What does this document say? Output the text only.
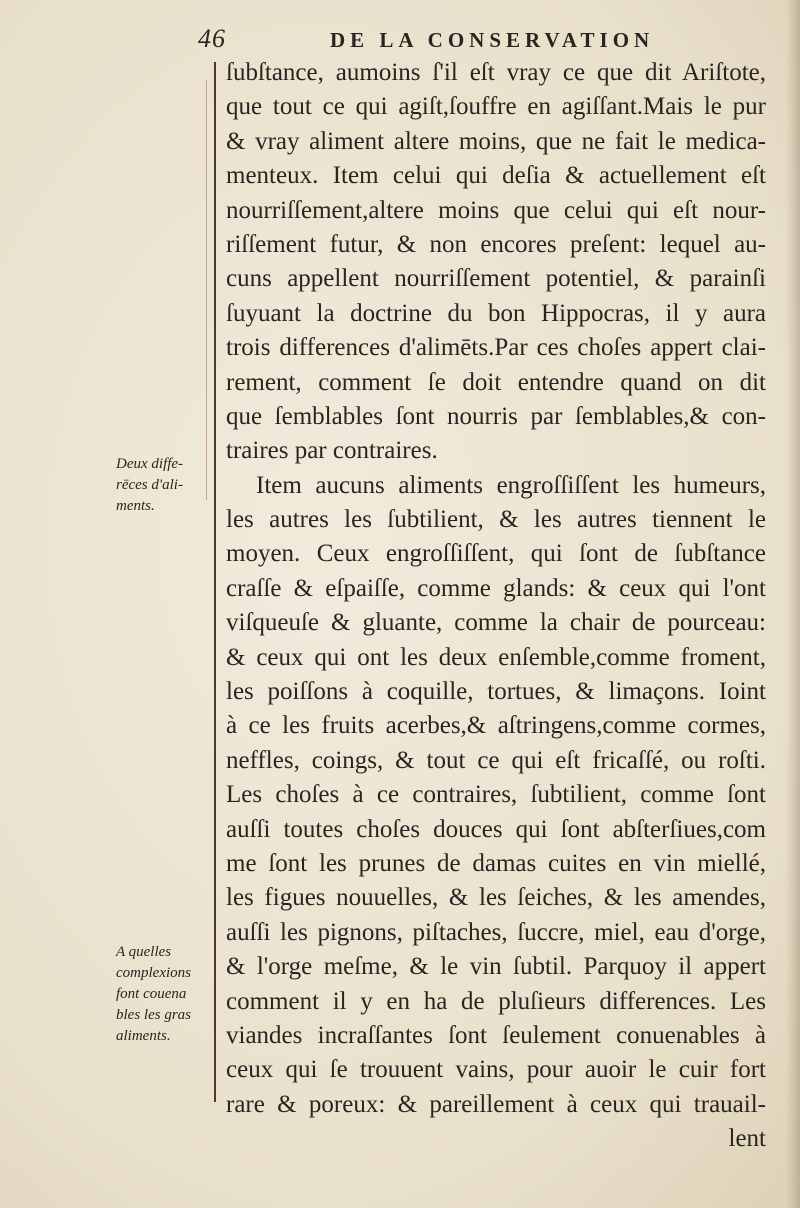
46	DE LA CONSERVATION
Deux diffe-
rēces d'ali-
ments.
A quelles
complexions
font couena
bles les gras
aliments.
ſubſtance, aumoins ſ'il eſt vray ce que dit Ariſtote,
que tout ce qui agiſt,ſouffre en agiſſant.Mais le pur
& vray aliment altere moins, que ne fait le medica-
menteux. Item celui qui deſia & actuellement eſt
nourriſſement,altere moins que celui qui eſt nour-
riſſement futur, & non encores preſent: lequel au-
cuns appellent nourriſſement potentiel, & parainſi
ſuyuant la doctrine du bon Hippocras, il y aura
trois differences d'alimēts.Par ces choſes appert clai-
rement, comment ſe doit entendre quand on dit
que ſemblables ſont nourris par ſemblables,& con-
traires par contraires.
Item aucuns aliments engroſſiſſent les humeurs,
les autres les ſubtilient, & les autres tiennent le
moyen. Ceux engroſſiſſent, qui ſont de ſubſtance
craſſe & eſpaiſſe, comme glands: & ceux qui l'ont
viſqueuſe & gluante, comme la chair de pourceau:
& ceux qui ont les deux enſemble,comme froment,
les poiſſons à coquille, tortues, & limaçons. Ioint
à ce les fruits acerbes,& aſtringens,comme cormes,
neffles, coings, & tout ce qui eſt fricaſſé, ou roſti.
Les choſes à ce contraires, ſubtilient, comme ſont
auſſi toutes choſes douces qui ſont abſterſiues,com
me ſont les prunes de damas cuites en vin miellé,
les figues nouuelles, & les ſeiches, & les amendes,
auſſi les pignons, piſtaches, ſuccre, miel, eau d'orge,
& l'orge meſme, & le vin ſubtil. Parquoy il appert
comment il y en ha de pluſieurs differences. Les
viandes incraſſantes ſont ſeulement conuenables à
ceux qui ſe trouuent vains, pour auoir le cuir fort
rare & poreux: & pareillement à ceux qui trauail-
lent
